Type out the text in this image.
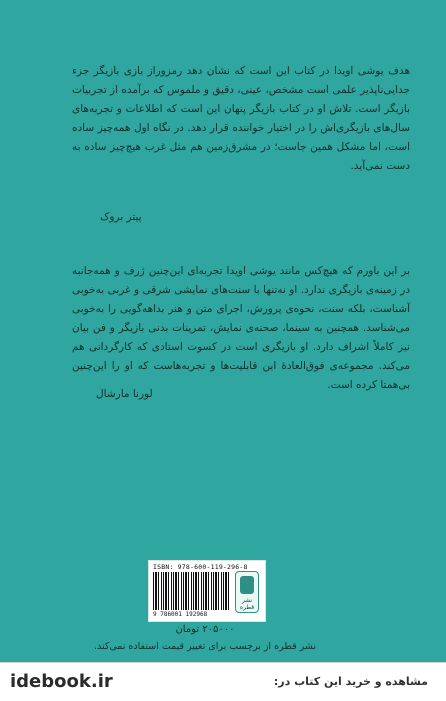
هدف یوشی اویدا در کتاب این است که نشان دهد رمزوراز بازی بازیگر جزء جدایی‌ناپذیر علمی است مشخص، عینی، دقیق و ملموس که برآمده از تجربیات بازیگر است. تلاش او در کتاب بازیگر پنهان این است که اطلاعات و تجربه‌های سال‌های بازیگری‌اش را در اختیار خواننده قرار دهد. در نگاه اول همه‌چیز ساده است، اما مشکل همین جاست؛ در مشرق‌زمین هم مثل غرب هیچ‌چیز ساده به دست نمی‌آید.
پیتر بروک
بر این باورم که هیچ‌کس مانند یوشی اویدا تجربه‌ای این‌چنین ژرف و همه‌جانبه در زمینه‌ی بازیگری ندارد. او نه‌تنها با سنت‌های نمایشی شرقی و غربی به‌خوبی آشناست، بلکه سنت، نحوه‌ی پرورش، اجرای متن و هنر بداهه‌گویی را به‌خوبی می‌شناسد. همچنین به سینما، صحنه‌ی نمایش، تمرینات بدنی بازیگر و فن بیان نیز کاملاً اشراف دارد. او بازیگری است در کسوت استادی که کارگردانی هم می‌کند. مجموعه‌ی فوق‌العادهٔ این قابلیت‌ها و تجربه‌هاست که او را این‌چنین بی‌همتا کرده است.
لورنا مارشال
ISBN: 978-600-119-296-8
9 786001 192968
نشر قطره
۲۰۵۰۰۰ تومان
نشر قطره از برچسب برای تغییر قیمت استفاده نمی‌کند.
idebook.ir	مشاهده و خرید این کتاب در:
